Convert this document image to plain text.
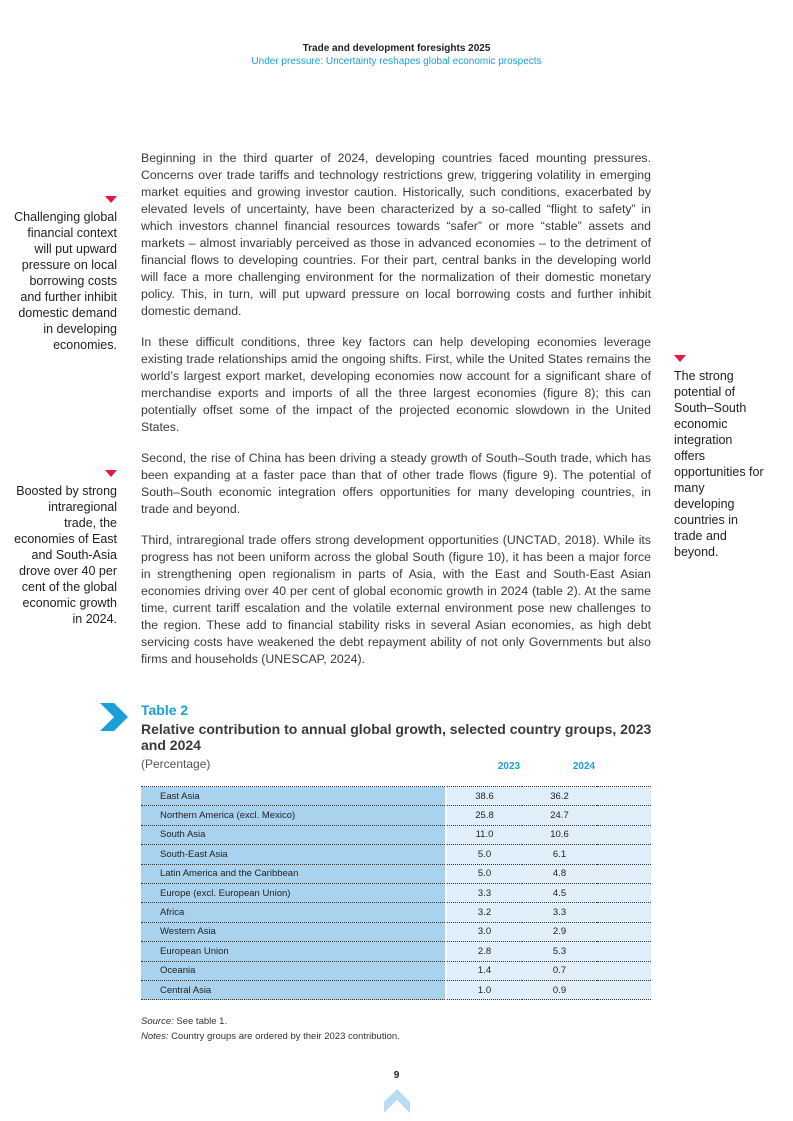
Trade and development foresights 2025
Under pressure: Uncertainty reshapes global economic prospects
Challenging global financial context will put upward pressure on local borrowing costs and further inhibit domestic demand in developing economies.
Boosted by strong intraregional trade, the economies of East and South-Asia drove over 40 per cent of the global economic growth in 2024.
The strong potential of South–South economic integration offers opportunities for many developing countries in trade and beyond.

Beginning in the third quarter of 2024, developing countries faced mounting pressures. Concerns over trade tariffs and technology restrictions grew, triggering volatility in emerging market equities and growing investor caution. Historically, such conditions, exacerbated by elevated levels of uncertainty, have been characterized by a so-called “flight to safety” in which investors channel financial resources towards “safer” or more “stable” assets and markets – almost invariably perceived as those in advanced economies – to the detriment of financial flows to developing countries. For their part, central banks in the developing world will face a more challenging environment for the normalization of their domestic monetary policy. This, in turn, will put upward pressure on local borrowing costs and further inhibit domestic demand.

In these difficult conditions, three key factors can help developing economies leverage existing trade relationships amid the ongoing shifts. First, while the United States remains the world’s largest export market, developing economies now account for a significant share of merchandise exports and imports of all the three largest economies (figure 8); this can potentially offset some of the impact of the projected economic slowdown in the United States.

Second, the rise of China has been driving a steady growth of South–South trade, which has been expanding at a faster pace than that of other trade flows (figure 9). The potential of South–South economic integration offers opportunities for many developing countries, in trade and beyond.

Third, intraregional trade offers strong development opportunities (UNCTAD, 2018). While its progress has not been uniform across the global South (figure 10), it has been a major force in strengthening open regionalism in parts of Asia, with the East and South-East Asian economies driving over 40 per cent of global economic growth in 2024 (table 2). At the same time, current tariff escalation and the volatile external environment pose new challenges to the region. These add to financial stability risks in several Asian economies, as high debt servicing costs have weakened the debt repayment ability of not only Governments but also firms and households (UNESCAP, 2024).

Table 2
Relative contribution to annual global growth, selected country groups, 2023 and 2024
(Percentage)	2023	2024
East Asia	38.6	36.2	
Northern America (excl. Mexico)	25.8	24.7	
South Asia	11.0	10.6	
South-East Asia	5.0	6.1	
Latin America and the Caribbean	5.0	4.8	
Europe (excl. European Union)	3.3	4.5	
Africa	3.2	3.3	
Western Asia	3.0	2.9	
European Union	2.8	5.3	
Oceania	1.4	0.7	
Central Asia	1.0	0.9	
Source: See table 1.
Notes: Country groups are ordered by their 2023 contribution.
9
